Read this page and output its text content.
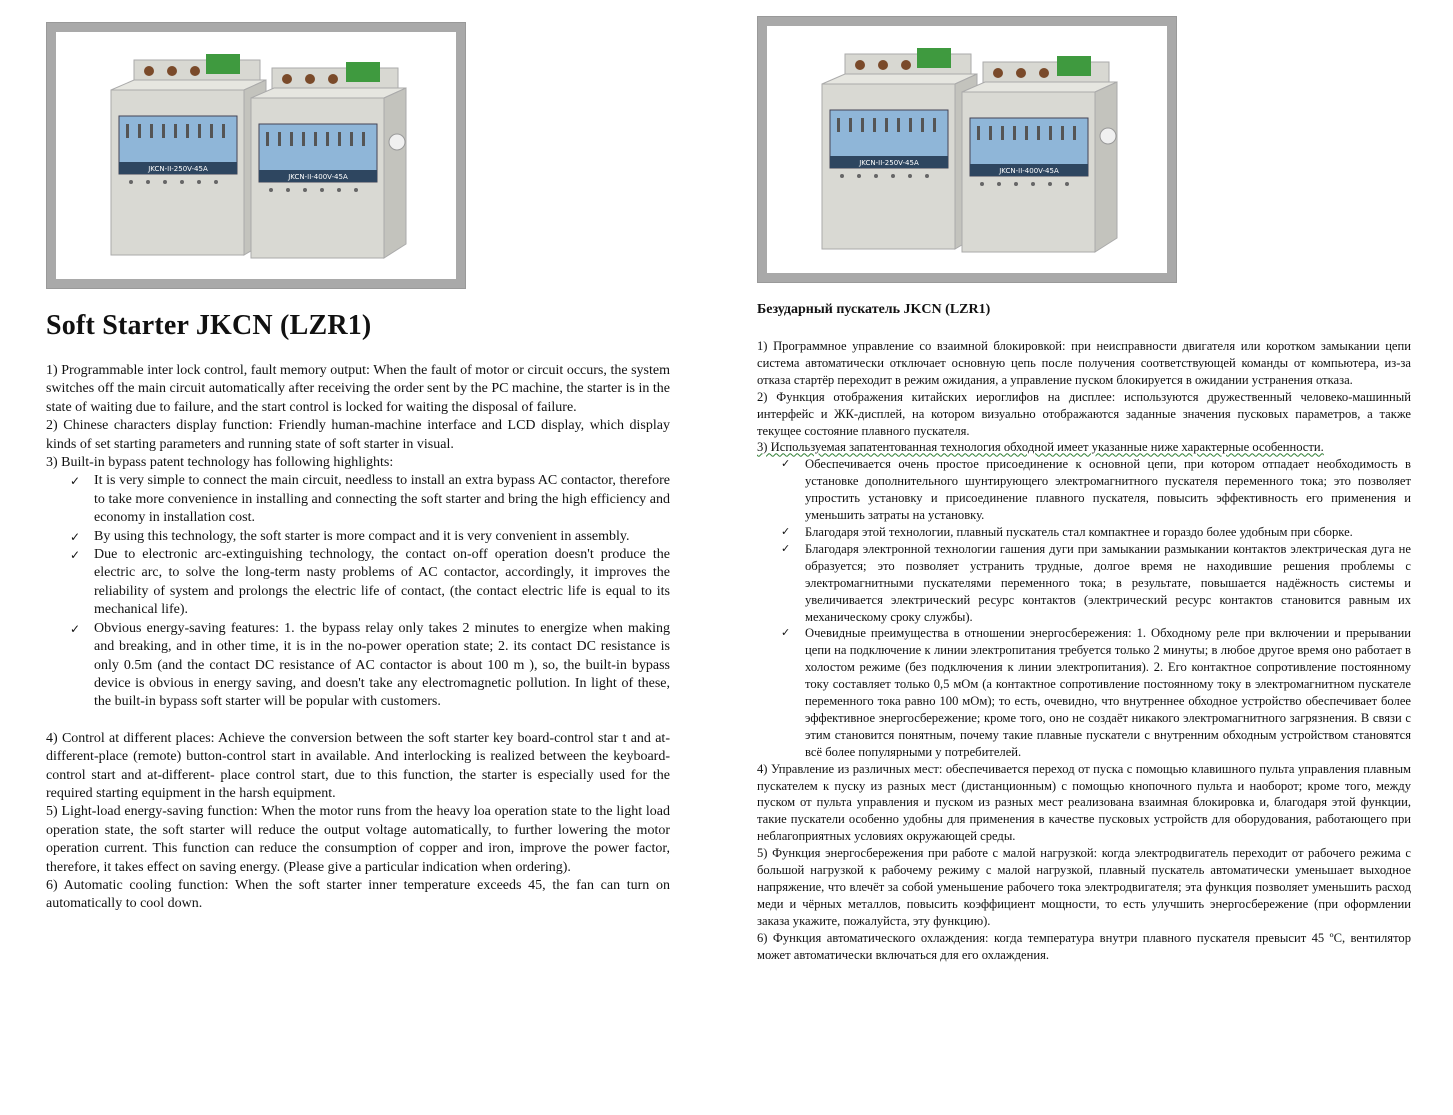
JKCN-II-250V-45A
JKCN-II-400V-45A
Soft Starter JKCN (LZR1)

1) Programmable inter lock control, fault memory output: When the fault of motor or circuit occurs, the system switches off the main circuit automatically after receiving the order sent by the PC machine, the starter is in the state of waiting due to failure, and the start control is locked for waiting the disposal of failure.

2) Chinese characters display function: Friendly human-machine interface and LCD display, which display kinds of set starting parameters and running state of soft starter in visual.

3) Built-in bypass patent technology has following highlights:

✓ It is very simple to connect the main circuit, needless to install an extra bypass AC contactor, therefore to take more convenience in installing and connecting the soft starter and bring the high efficiency and economy in installation cost.
✓ By using this technology, the soft starter is more compact and it is very convenient in assembly.
✓ Due to electronic arc-extinguishing technology, the contact on-off operation doesn't produce the electric arc, to solve the long-term nasty problems of AC contactor, accordingly, it improves the reliability of system and prolongs the electric life of contact, (the contact electric life is equal to its mechanical life).
✓ Obvious energy-saving features: 1. the bypass relay only takes 2 minutes to energize when making and breaking, and in other time, it is in the no-power operation state; 2. its contact DC resistance is only 0.5m (and the contact DC resistance of AC contactor is about 100 m ), so, the built-in bypass device is obvious in energy saving, and doesn't take any electromagnetic pollution. In light of these, the built-in bypass soft starter will be popular with customers.

4) Control at different places: Achieve the conversion between the soft starter key board-control star t and at-different-place (remote) button-control start in available. And interlocking is realized between the keyboard-control start and at-different- place control start, due to this function, the starter is especially used for the required starting equipment in the harsh equipment.

5) Light-load energy-saving function: When the motor runs from the heavy loa operation state to the light load operation state, the soft starter will reduce the output voltage automatically, to further lowering the motor operation current. This function can reduce the consumption of copper and iron, improve the power factor, therefore, it takes effect on saving energy. (Please give a particular indication when ordering).

6) Automatic cooling function: When the soft starter inner temperature exceeds 45, the fan can turn on automatically to cool down.

JKCN-II-250V-45A
JKCN-II-400V-45A
Безударный пускатель JKCN (LZR1)

1) Программное управление со взаимной блокировкой: при неисправности двигателя или коротком замыкании цепи система автоматически отключает основную цепь после получения соответствующей команды от компьютера, из-за отказа стартёр переходит в режим ожидания, а управление пуском блокируется в ожидании устранения отказа.

2) Функция отображения китайских иероглифов на дисплее: используются дружественный человеко-машинный интерфейс и ЖК-дисплей, на котором визуально отображаются заданные значения пусковых параметров, а также текущее состояние плавного пускателя.

3) Используемая запатентованная технология обходной имеет указанные ниже характерные особенности.

✓ Обеспечивается очень простое присоединение к основной цепи, при котором отпадает необходимость в установке дополнительного шунтирующего электромагнитного пускателя переменного тока; это позволяет упростить установку и присоединение плавного пускателя, повысить эффективность его применения и уменьшить затраты на установку.
✓ Благодаря этой технологии, плавный пускатель стал компактнее и гораздо более удобным при сборке.
✓ Благодаря электронной технологии гашения дуги при замыкании размыкании контактов электрическая дуга не образуется; это позволяет устранить трудные, долгое время не находившие решения проблемы с электромагнитными пускателями переменного тока; в результате, повышается надёжность системы и увеличивается электрический ресурс контактов (электрический ресурс контактов становится равным их механическому сроку службы).
✓ Очевидные преимущества в отношении энергосбережения: 1. Обходному реле при включении и прерывании цепи на подключение к линии электропитания требуется только 2 минуты; в любое другое время оно работает в холостом режиме (без подключения к линии электропитания). 2. Его контактное сопротивление постоянному току составляет только 0,5 мОм (а контактное сопротивление постоянному току в электромагнитном пускателе переменного тока равно 100 мОм); то есть, очевидно, что внутреннее обходное устройство обеспечивает более эффективное энергосбережение; кроме того, оно не создаёт никакого электромагнитного загрязнения. В связи с этим становится понятным, почему такие плавные пускатели с внутренним обходным устройством становятся всё более популярными у потребителей.

4) Управление из различных мест: обеспечивается переход от пуска с помощью клавишного пульта управления плавным пускателем к пуску из разных мест (дистанционным) с помощью кнопочного пульта и наоборот; кроме того, между пуском от пульта управления и пуском из разных мест реализована взаимная блокировка и, благодаря этой функции, такие пускатели особенно удобны для применения в качестве пусковых устройств для оборудования, работающего при неблагоприятных условиях окружающей среды.

5) Функция энергосбережения при работе с малой нагрузкой: когда электродвигатель переходит от рабочего режима с большой нагрузкой к рабочему режиму с малой нагрузкой, плавный пускатель автоматически уменьшает выходное напряжение, что влечёт за собой уменьшение рабочего тока электродвигателя; эта функция позволяет уменьшить расход меди и чёрных металлов, повысить коэффициент мощности, то есть улучшить энергосбережение (при оформлении заказа укажите, пожалуйста, эту функцию).

6) Функция автоматического охлаждения: когда температура внутри плавного пускателя превысит 45 ºС, вентилятор может автоматически включаться для его охлаждения.
